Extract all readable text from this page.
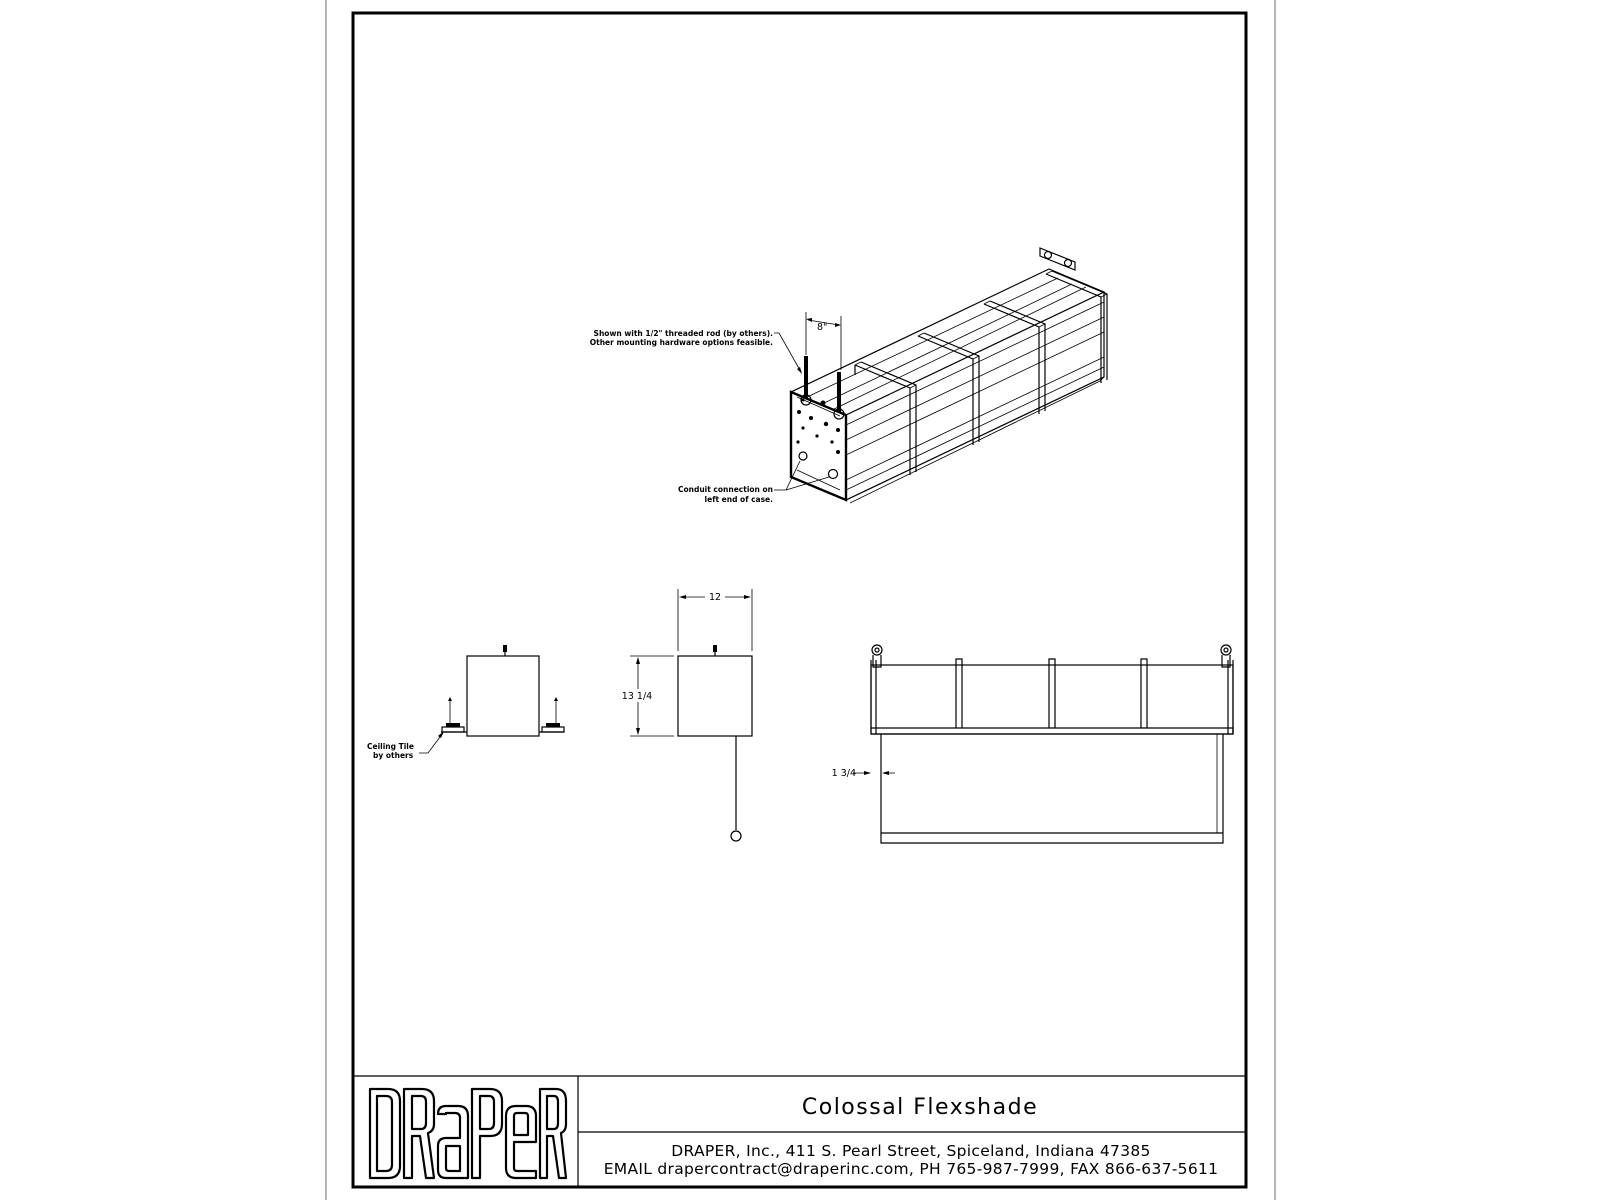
8"
Shown with 1/2" threaded rod (by others).
Other mounting hardware options feasible.
Conduit connection on
left end of case.
Ceiling Tile
by others
12
13 1/4
1 3/4
Colossal Flexshade
DRAPER, Inc., 411 S. Pearl Street, Spiceland, Indiana 47385
EMAIL drapercontract@draperinc.com, PH 765-987-7999, FAX 866-637-5611
